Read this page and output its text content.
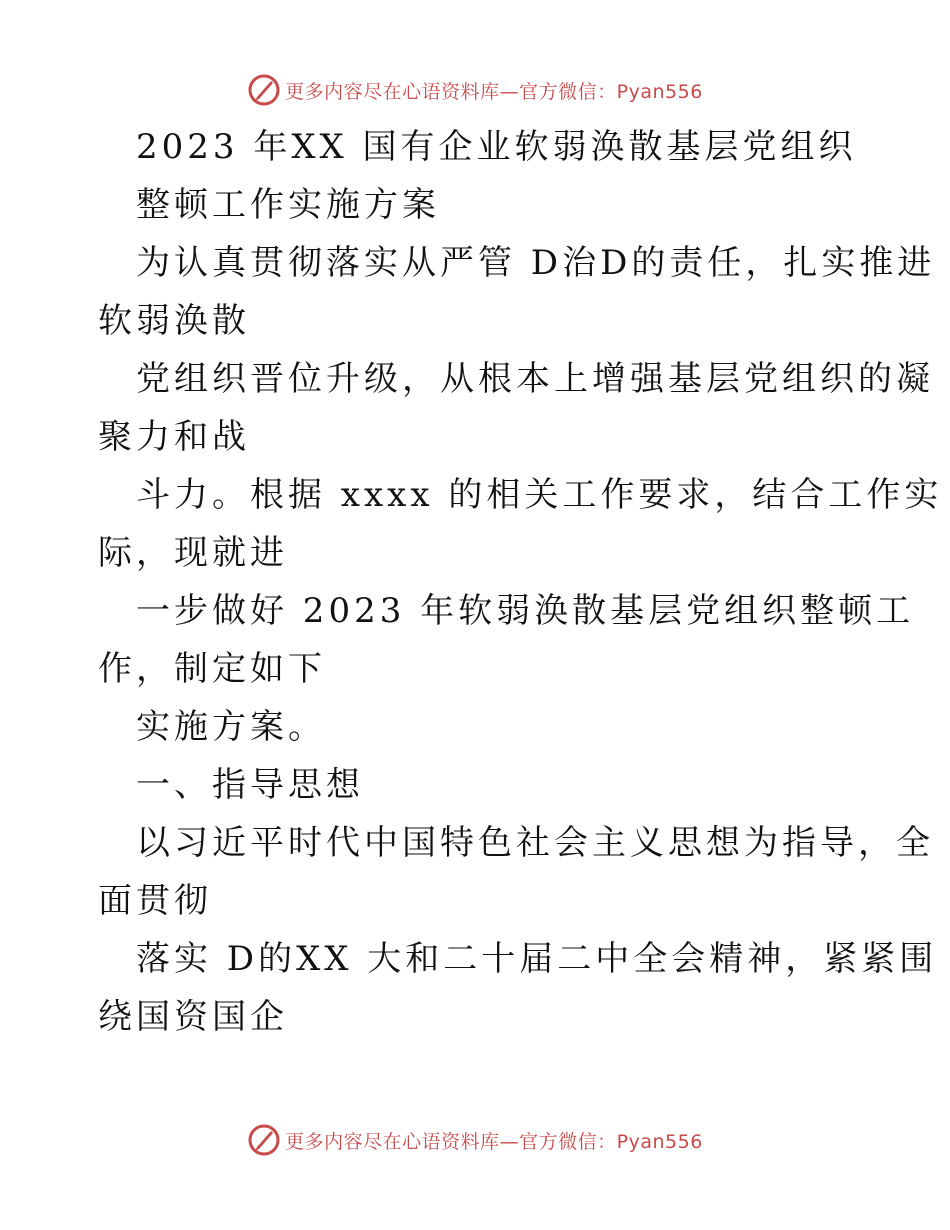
更多内容尽在心语资料库—官方微信：Pyan556
2023 年XX 国有企业软弱涣散基层党组织
整顿工作实施方案
为认真贯彻落实从严管 D治D的责任，扎实推进
软弱涣散
党组织晋位升级，从根本上增强基层党组织的凝
聚力和战
斗力。根据 xxxx 的相关工作要求，结合工作实
际，现就进
一步做好 2023 年软弱涣散基层党组织整顿工
作，制定如下
实施方案。
一、指导思想
以习近平时代中国特色社会主义思想为指导，全
面贯彻
落实 D的XX 大和二十届二中全会精神，紧紧围
绕国资国企
更多内容尽在心语资料库—官方微信：Pyan556
